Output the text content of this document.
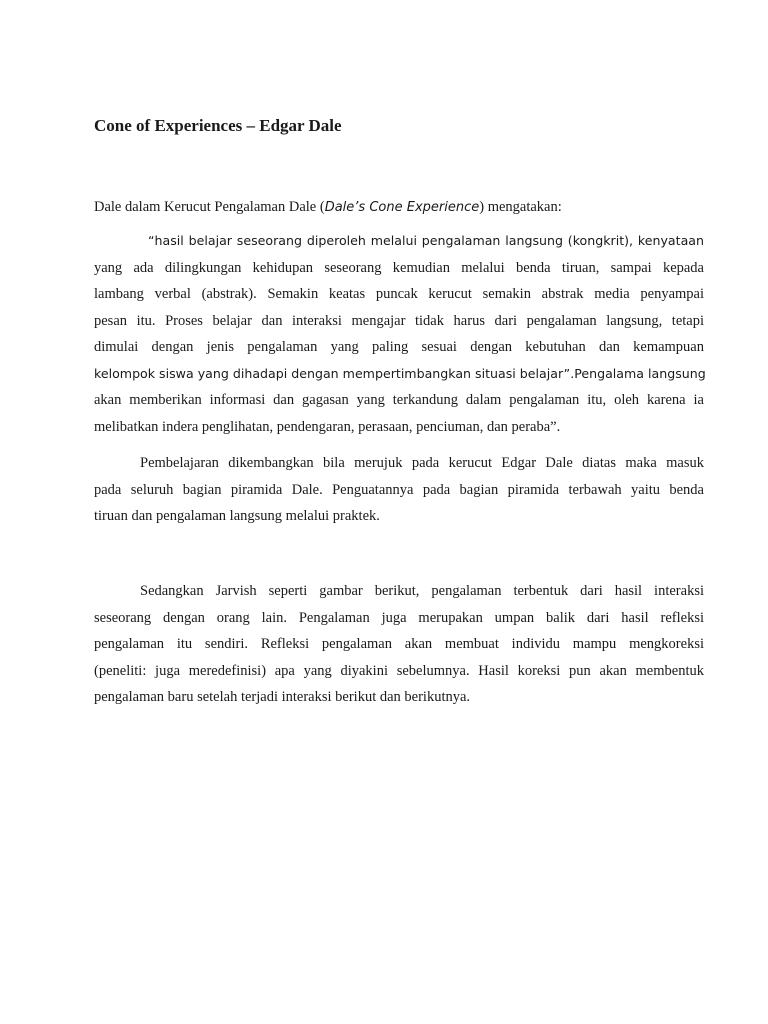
Cone of Experiences – Edgar Dale

Dale dalam Kerucut Pengalaman Dale (Dale’s Cone Experience) mengatakan:

“hasil belajar seseorang diperoleh melalui pengalaman langsung (kongkrit), kenyataan
yang ada dilingkungan kehidupan seseorang kemudian melalui benda tiruan, sampai kepada
lambang verbal (abstrak). Semakin keatas puncak kerucut semakin abstrak media penyampai
pesan itu. Proses belajar dan interaksi mengajar tidak harus dari pengalaman langsung, tetapi
dimulai dengan jenis pengalaman yang paling sesuai dengan kebutuhan dan kemampuan
kelompok siswa yang dihadapi dengan mempertimbangkan situasi belajar”. Pengalama langsung
akan memberikan informasi dan gagasan yang terkandung dalam pengalaman itu, oleh karena ia
melibatkan indera penglihatan, pendengaran, perasaan, penciuman, dan peraba”.
Pembelajaran dikembangkan bila merujuk pada kerucut Edgar Dale diatas maka masuk
pada seluruh bagian piramida Dale. Penguatannya pada bagian piramida terbawah yaitu benda
tiruan dan pengalaman langsung melalui praktek.
Sedangkan Jarvish seperti gambar berikut, pengalaman terbentuk dari hasil interaksi
seseorang dengan orang lain. Pengalaman juga merupakan umpan balik dari hasil refleksi
pengalaman itu sendiri. Refleksi pengalaman akan membuat individu mampu mengkoreksi
(peneliti: juga meredefinisi) apa yang diyakini sebelumnya. Hasil koreksi pun akan membentuk
pengalaman baru setelah terjadi interaksi berikut dan berikutnya.
